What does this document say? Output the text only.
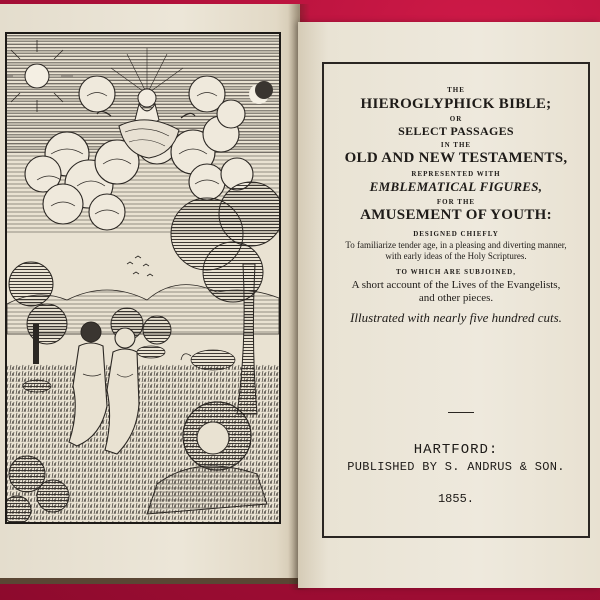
THE
HIEROGLYPHICK BIBLE;
OR
SELECT PASSAGES
IN THE
OLD AND NEW TESTAMENTS,
REPRESENTED WITH
EMBLEMATICAL FIGURES,
FOR THE
AMUSEMENT OF YOUTH:
DESIGNED CHIEFLY
To familiarize tender age, in a pleasing and diverting manner,
with early ideas of the Holy Scriptures.
TO WHICH ARE SUBJOINED,
A short account of the Lives of the Evangelists,
and other pieces.
Illustrated with nearly five hundred cuts.
HARTFORD:
PUBLISHED BY S. ANDRUS & SON.
1855.
